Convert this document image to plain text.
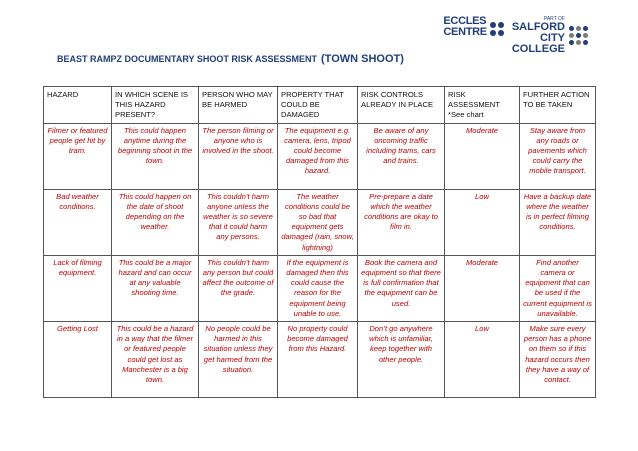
ECCLES
CENTRE
PART OF
SALFORD
CITY
COLLEGE
BEAST RAMPZ DOCUMENTARY SHOOT RISK ASSESSMENT (TOWN SHOOT)
HAZARD	IN WHICH SCENE IS THIS HAZARD PRESENT?	PERSON WHO MAY BE HARMED	PROPERTY THAT COULD BE DAMAGED	RISK CONTROLS ALREADY IN PLACE	RISK ASSESSMENT *See chart	FURTHER ACTION TO BE TAKEN
Filmer or featured people get hit by tram.	This could happen anytime during the beginning shoot in the town.	The person filming or anyone who is involved in the shoot.	The equipment e.g. camera, lens, tripod could become damaged from this hazard.	Be aware of any oncoming traffic including trams, cars and trains.	Moderate	Stay aware from any roads or pavements which could carry the mobile transport.
Bad weather conditions.	This could happen on the date of shoot depending on the weather.	This couldn’t harm anyone unless the weather is so severe that it could harm any persons.	The weather conditions could be so bad that equipment gets damaged (rain, snow, lightning)	Pre-prepare a date which the weather conditions are okay to film in.	Low	Have a backup date where the weather is in perfect filming conditions.
Lack of filming equipment.	This could be a major hazard and can occur at any valuable shooting time.	This couldn’t harm any person but could affect the outcome of the grade.	If the equipment is damaged then this could cause the reason for the equipment being unable to use.	Book the camera and equipment so that there is full confirmation that the equipment can be used.	Moderate	Find another camera or equipment that can be used if the current equipment is unavailable.
Getting Lost	This could be a hazard in a way that the filmer or featured people could get lost as Manchester is a big town.	No people could be harmed in this situation unless they get harmed from the situation.	No property could become damaged from this Hazard.	Don’t go anywhere which is unfamiliar, keep together with other people.	Low	Make sure every person has a phone on them so if this hazard occurs then they have a way of contact.
